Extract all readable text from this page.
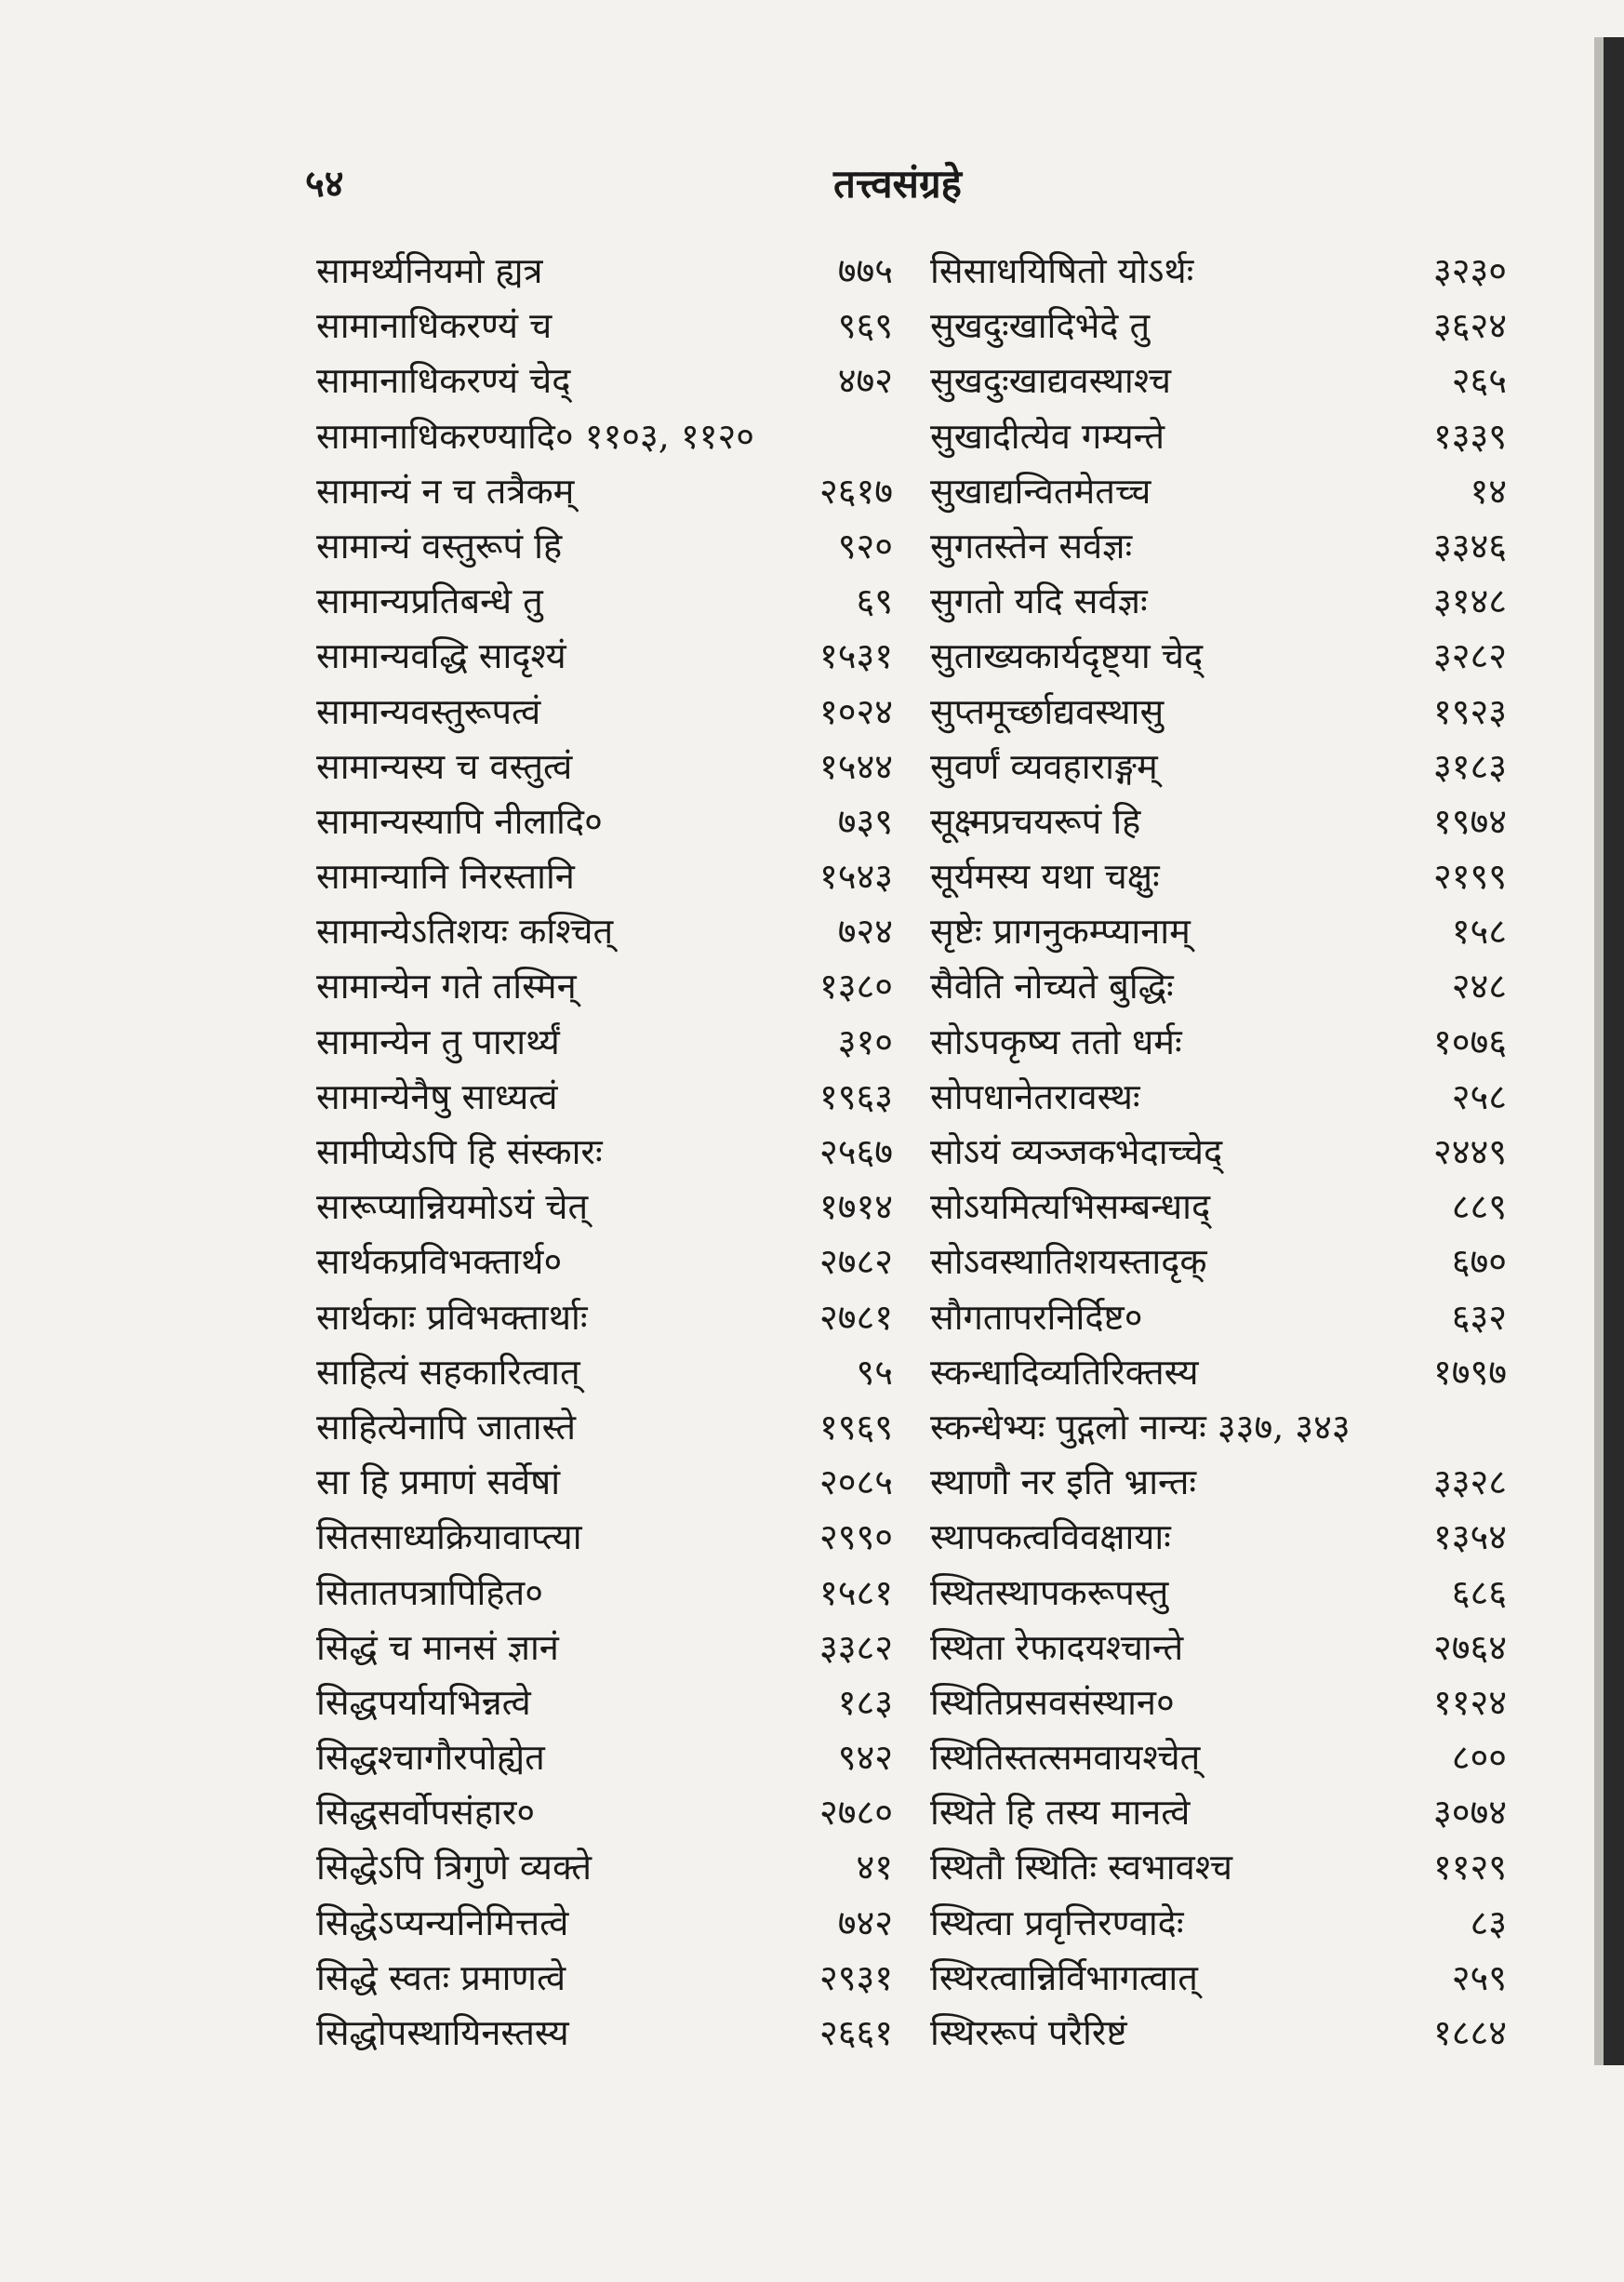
५४	तत्त्वसंग्रहे
सामर्थ्यनियमो ह्यत्र	७७५
सामानाधिकरण्यं च	९६९
सामानाधिकरण्यं चेद्	४७२
सामानाधिकरण्यादि० ११०३, ११२०
सामान्यं न च तत्रैकम्	२६१७
सामान्यं वस्तुरूपं हि	९२०
सामान्यप्रतिबन्धे तु	६९
सामान्यवद्धि सादृश्यं	१५३१
सामान्यवस्तुरूपत्वं	१०२४
सामान्यस्य च वस्तुत्वं	१५४४
सामान्यस्यापि नीलादि०	७३९
सामान्यानि निरस्तानि	१५४३
सामान्येऽतिशयः कश्चित्	७२४
सामान्येन गते तस्मिन्	१३८०
सामान्येन तु पारार्थ्यं	३१०
सामान्येनैषु साध्यत्वं	१९६३
सामीप्येऽपि हि संस्कारः	२५६७
सारूप्यान्नियमोऽयं चेत्	१७१४
सार्थकप्रविभक्तार्थ०	२७८२
सार्थकाः प्रविभक्तार्थाः	२७८१
साहित्यं सहकारित्वात्	९५
साहित्येनापि जातास्ते	१९६९
सा हि प्रमाणं सर्वेषां	२०८५
सितसाध्यक्रियावाप्त्या	२९९०
सितातपत्रापिहित०	१५८१
सिद्धं च मानसं ज्ञानं	३३८२
सिद्धपर्यायभिन्नत्वे	१८३
सिद्धश्चागौरपोह्येत	९४२
सिद्धसर्वोपसंहार०	२७८०
सिद्धेऽपि त्रिगुणे व्यक्ते	४१
सिद्धेऽप्यन्यनिमित्तत्वे	७४२
सिद्धे स्वतः प्रमाणत्वे	२९३१
सिद्धोपस्थायिनस्तस्य	२६६१
सिसाधयिषितो योऽर्थः	३२३०
सुखदुःखादिभेदे तु	३६२४
सुखदुःखाद्यवस्थाश्च	२६५
सुखादीत्येव गम्यन्ते	१३३९
सुखाद्यन्वितमेतच्च	१४
सुगतस्तेन सर्वज्ञः	३३४६
सुगतो यदि सर्वज्ञः	३१४८
सुताख्यकार्यदृष्ट्या चेद्	३२८२
सुप्तमूर्च्छाद्यवस्थासु	१९२३
सुवर्णं व्यवहाराङ्गम्	३१८३
सूक्ष्मप्रचयरूपं हि	१९७४
सूर्यमस्य यथा चक्षुः	२१९९
सृष्टेः प्रागनुकम्प्यानाम्	१५८
सैवेति नोच्यते बुद्धिः	२४८
सोऽपकृष्य ततो धर्मः	१०७६
सोपधानेतरावस्थः	२५८
सोऽयं व्यञ्जकभेदाच्चेद्	२४४९
सोऽयमित्यभिसम्बन्धाद्	८८९
सोऽवस्थातिशयस्तादृक्	६७०
सौगतापरनिर्दिष्ट०	६३२
स्कन्धादिव्यतिरिक्तस्य	१७९७
स्कन्धेभ्यः पुद्गलो नान्यः ३३७, ३४३
स्थाणौ नर इति भ्रान्तः	३३२८
स्थापकत्वविवक्षायाः	१३५४
स्थितस्थापकरूपस्तु	६८६
स्थिता रेफादयश्चान्ते	२७६४
स्थितिप्रसवसंस्थान०	११२४
स्थितिस्तत्समवायश्चेत्	८००
स्थिते हि तस्य मानत्वे	३०७४
स्थितौ स्थितिः स्वभावश्च	११२९
स्थित्वा प्रवृत्तिरण्वादेः	८३
स्थिरत्वान्निर्विभागत्वात्	२५९
स्थिररूपं परैरिष्टं	१८८४
